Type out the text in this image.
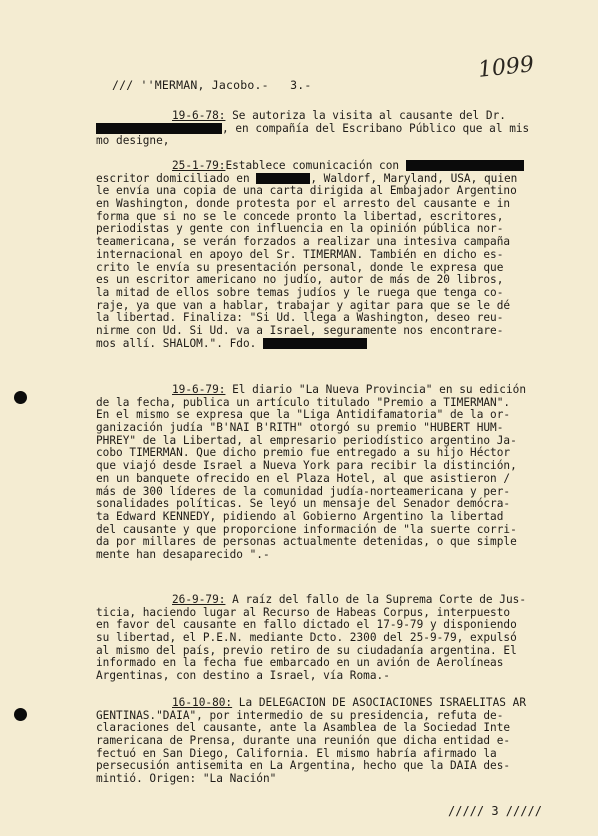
/// ''MERMAN, Jacobo.-   3.-
1099
19-6-78: Se autoriza la visita al causante del Dr.
, en compañía del Escribano Público que al mis
mo designe,
25-1-79:Establece comunicación con
escritor domiciliado en	, Waldorf, Maryland, USA, quien
le envía una copia de una carta dirigida al Embajador Argentino
en Washington, donde protesta por el arresto del causante e in
forma que si no se le concede pronto la libertad, escritores,
periodistas y gente con influencia en la opinión pública nor-
teamericana, se verán forzados a realizar una intesiva campaña
internacional en apoyo del Sr. TIMERMAN. También en dicho es-
crito le envía su presentación personal, donde le expresa que
es un escritor americano no judío, autor de más de 20 libros,
la mitad de ellos sobre temas judíos y le ruega que tenga co-
raje, ya que van a hablar, trabajar y agitar para que se le dé
la libertad. Finaliza: "Si Ud. llega a Washington, deseo reu-
nirme con Ud. Si Ud. va a Israel, seguramente nos encontrare-
mos allí. SHALOM.". Fdo.
19-6-79: El diario "La Nueva Provincia" en su edición
de la fecha, publica un artículo titulado "Premio a TIMERMAN".
En el mismo se expresa que la "Liga Antidifamatoria" de la or-
ganización judía "B'NAI B'RITH" otorgó su premio "HUBERT HUM-
PHREY" de la Libertad, al empresario periodístico argentino Ja-
cobo TIMERMAN. Que dicho premio fue entregado a su hijo Héctor
que viajó desde Israel a Nueva York para recibir la distinción,
en un banquete ofrecido en el Plaza Hotel, al que asistieron /
más de 300 líderes de la comunidad judía-norteamericana y per-
sonalidades políticas. Se leyó un mensaje del Senador demócra-
ta Edward KENNEDY, pidiendo al Gobierno Argentino la libertad
del causante y que proporcione información de "la suerte corri-
da por millares de personas actualmente detenidas, o que simple
mente han desaparecido ".-
26-9-79: A raíz del fallo de la Suprema Corte de Jus-
ticia, haciendo lugar al Recurso de Habeas Corpus, interpuesto
en favor del causante en fallo dictado el 17-9-79 y disponiendo
su libertad, el P.E.N. mediante Dcto. 2300 del 25-9-79, expulsó
al mismo del país, previo retiro de su ciudadanía argentina. El
informado en la fecha fue embarcado en un avión de Aerolíneas
Argentinas, con destino a Israel, vía Roma.-
16-10-80: La DELEGACION DE ASOCIACIONES ISRAELITAS AR
GENTINAS."DAIA", por intermedio de su presidencia, refuta de-
claraciones del causante, ante la Asamblea de la Sociedad Inte
ramericana de Prensa, durante una reunión que dicha entidad e-
fectuó en San Diego, California. El mismo habría afirmado la
persecusión antisemita en La Argentina, hecho que la DAIA des-
mintió. Origen: "La Nación"
///// 3 /////
